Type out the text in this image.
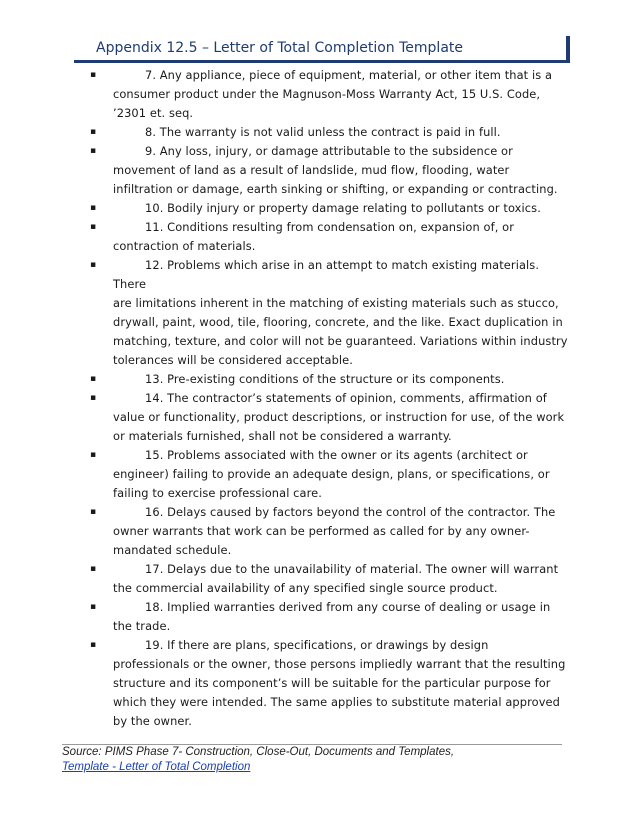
Appendix 12.5 – Letter of Total Completion Template
▪	7. Any appliance, piece of equipment, material, or other item that is a consumer product under the Magnuson-Moss Warranty Act, 15 U.S. Code, ’2301 et. seq.
▪	8. The warranty is not valid unless the contract is paid in full.
▪	9. Any loss, injury, or damage attributable to the subsidence or movement of land as a result of landslide, mud flow, flooding, water infiltration or damage, earth sinking or shifting, or expanding or contracting.
▪	10. Bodily injury or property damage relating to pollutants or toxics.
▪	11. Conditions resulting from condensation on, expansion of, or contraction of materials.
▪	12. Problems which arise in an attempt to match existing materials.
There
are limitations inherent in the matching of existing materials such as stucco, drywall, paint, wood, tile, flooring, concrete, and the like. Exact duplication in matching, texture, and color will not be guaranteed. Variations within industry tolerances will be considered acceptable.
▪	13. Pre-existing conditions of the structure or its components.
▪	14. The contractor’s statements of opinion, comments, affirmation of value or functionality, product descriptions, or instruction for use, of the work or materials furnished, shall not be considered a warranty.
▪	15. Problems associated with the owner or its agents (architect or engineer) failing to provide an adequate design, plans, or specifications, or failing to exercise professional care.
▪	16. Delays caused by factors beyond the control of the contractor. The owner warrants that work can be performed as called for by any owner-mandated schedule.
▪	17. Delays due to the unavailability of material. The owner will warrant the commercial availability of any specified single source product.
▪	18. Implied warranties derived from any course of dealing or usage in the trade.
▪	19. If there are plans, specifications, or drawings by design professionals or the owner, those persons impliedly warrant that the resulting structure and its component’s will be suitable for the particular purpose for which they were intended. The same applies to substitute material approved by the owner.
Source: PIMS Phase 7- Construction, Close-Out, Documents and Templates,
Template - Letter of Total Completion
